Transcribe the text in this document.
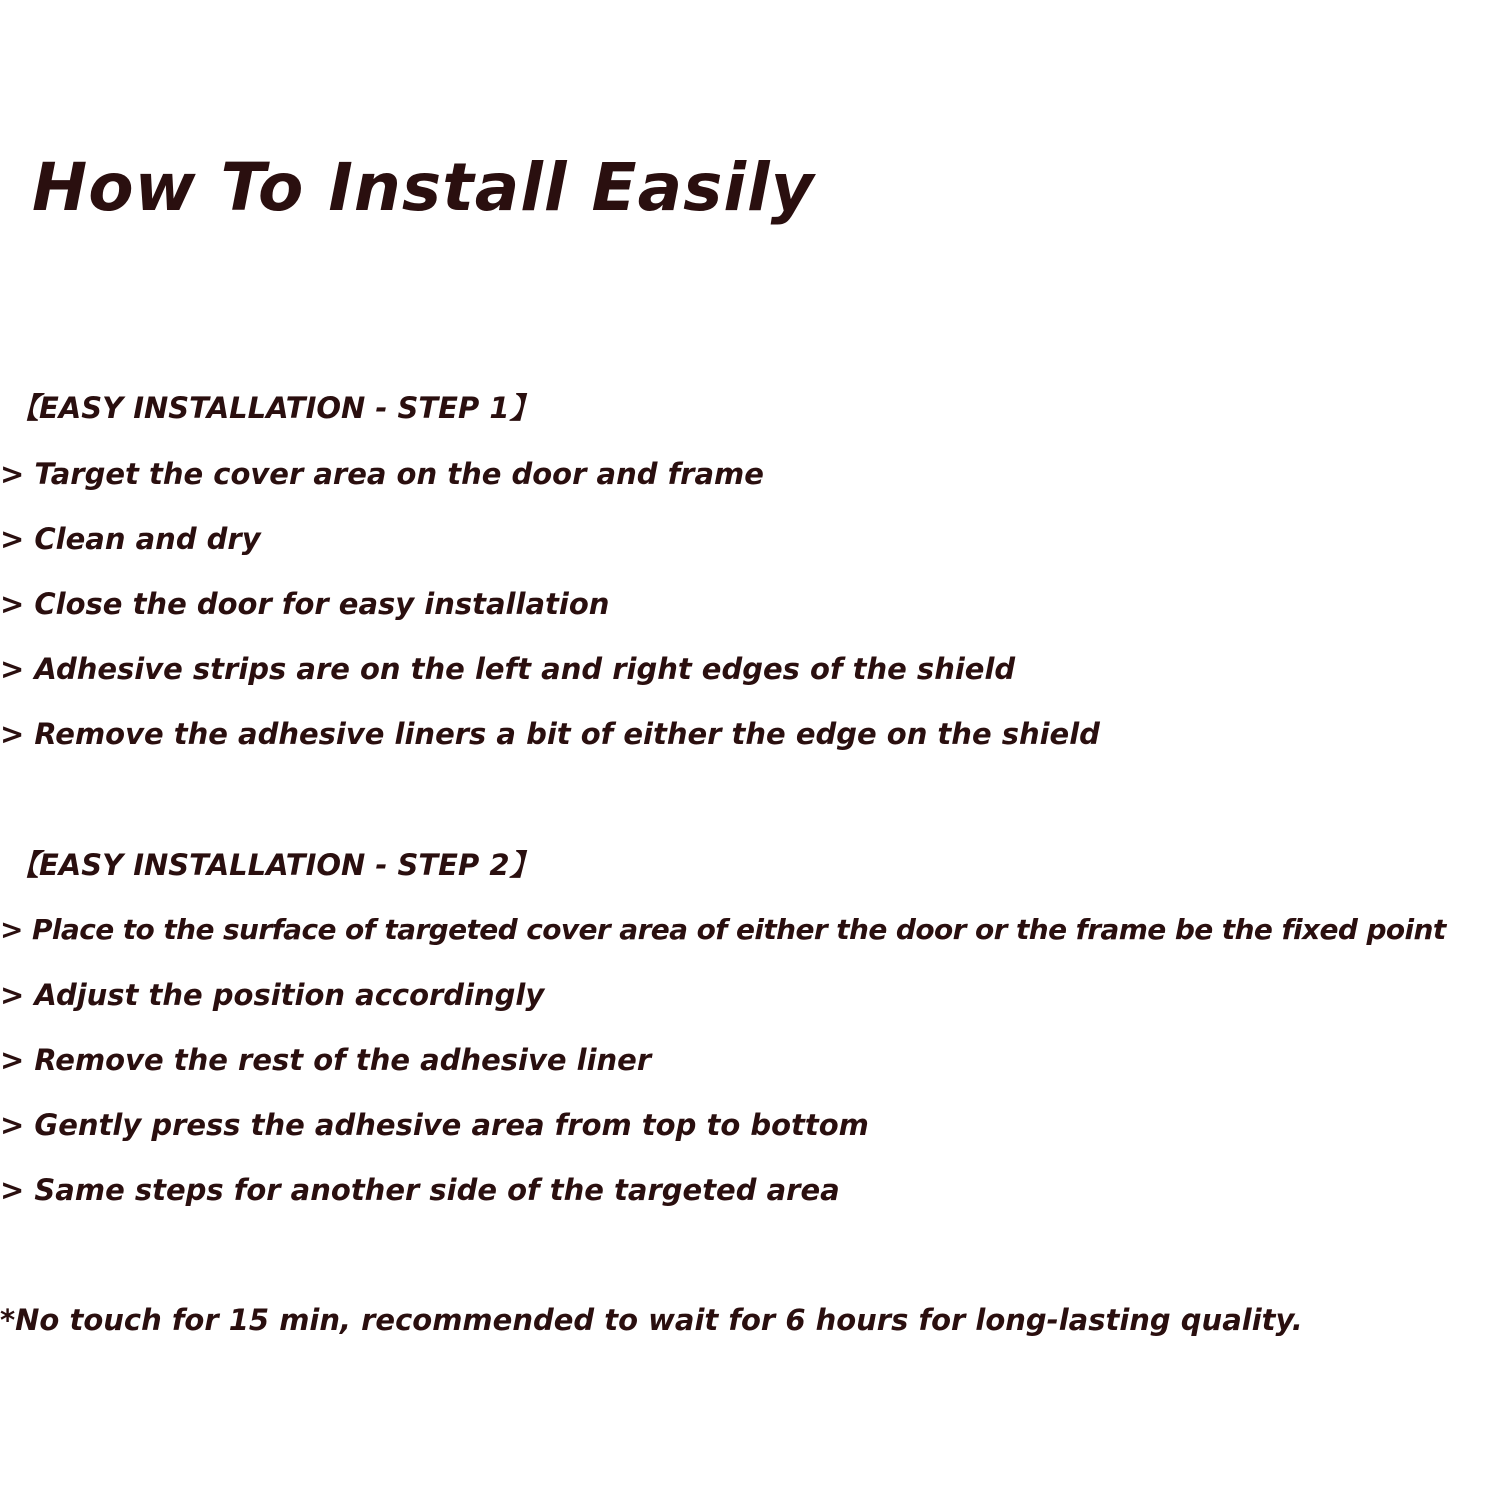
How To Install Easily
【EASY INSTALLATION - STEP 1】
> Target the cover area on the door and frame
> Clean and dry
> Close the door for easy installation
> Adhesive strips are on the left and right edges of the shield
> Remove the adhesive liners a bit of either the edge on the shield
【EASY INSTALLATION - STEP 2】
> Place to the surface of targeted cover area of either the door or the frame be the fixed point
> Adjust the position accordingly
> Remove the rest of the adhesive liner
> Gently press the adhesive area from top to bottom
> Same steps for another side of the targeted area
*No touch for 15 min, recommended to wait for 6 hours for long-lasting quality.
